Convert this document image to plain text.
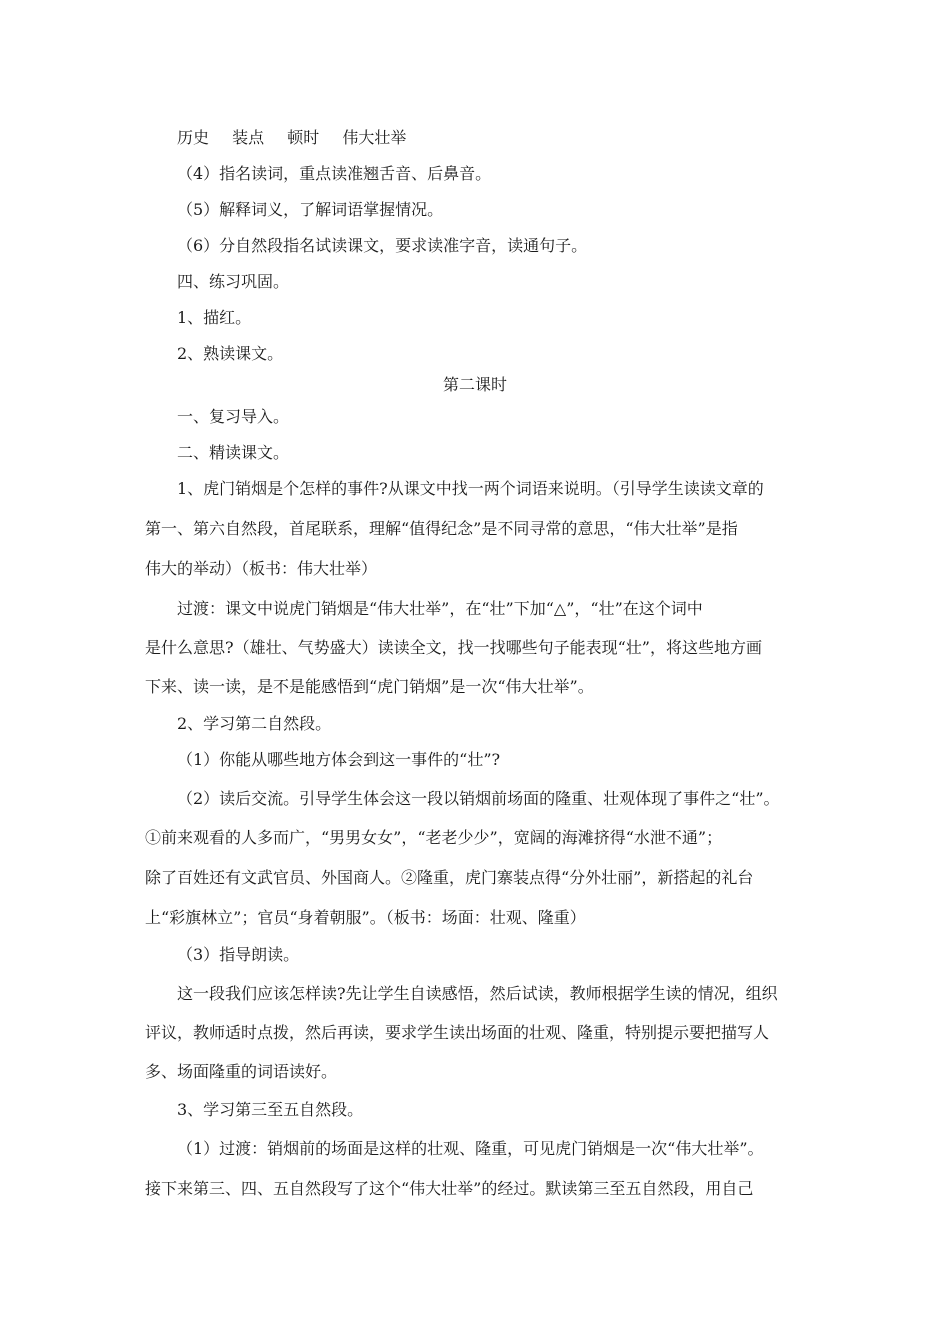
历史 装点 顿时 伟大壮举
（4）指名读词，重点读准翘舌音、后鼻音。
（5）解释词义，了解词语掌握情况。
（6）分自然段指名试读课文，要求读准字音，读通句子。
四、练习巩固。
1、描红。
2、熟读课文。
第二课时
一、复习导入。
二、精读课文。
1、虎门销烟是个怎样的事件?从课文中找一两个词语来说明。（引导学生读读文章的
第一、第六自然段，首尾联系，理解“值得纪念”是不同寻常的意思，“伟大壮举”是指
伟大的举动）（板书：伟大壮举）
过渡：课文中说虎门销烟是“伟大壮举”，在“壮”下加“△”，“壮”在这个词中
是什么意思?（雄壮、气势盛大）读读全文，找一找哪些句子能表现“壮”，将这些地方画
下来、读一读，是不是能感悟到“虎门销烟”是一次“伟大壮举”。
2、学习第二自然段。
（1）你能从哪些地方体会到这一事件的“壮”?
（2）读后交流。引导学生体会这一段以销烟前场面的隆重、壮观体现了事件之“壮”。
①前来观看的人多而广，“男男女女”，“老老少少”，宽阔的海滩挤得“水泄不通”；
除了百姓还有文武官员、外国商人。②隆重，虎门寨装点得“分外壮丽”，新搭起的礼台
上“彩旗林立”；官员“身着朝服”。（板书：场面：壮观、隆重）
（3）指导朗读。
这一段我们应该怎样读?先让学生自读感悟，然后试读，教师根据学生读的情况，组织
评议，教师适时点拨，然后再读，要求学生读出场面的壮观、隆重，特别提示要把描写人
多、场面隆重的词语读好。
3、学习第三至五自然段。
（1）过渡：销烟前的场面是这样的壮观、隆重，可见虎门销烟是一次“伟大壮举”。
接下来第三、四、五自然段写了这个“伟大壮举”的经过。默读第三至五自然段，用自己
